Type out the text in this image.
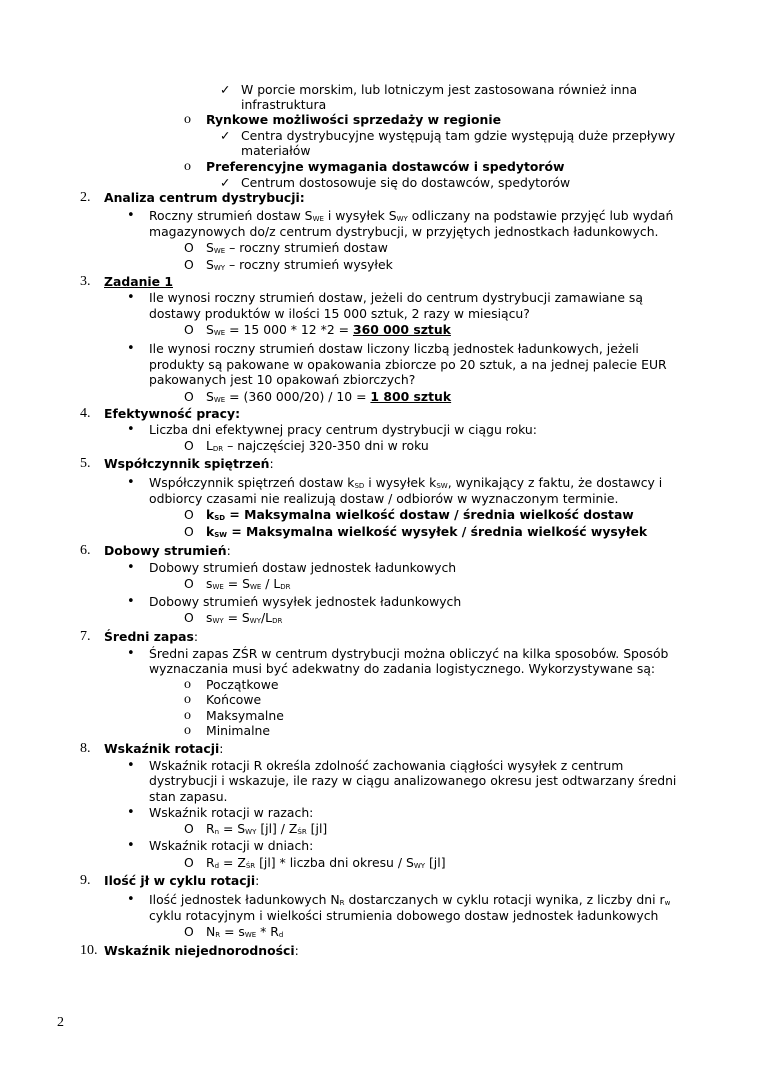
✓ W porcie morskim, lub lotniczym jest zastosowana również inna
infrastruktura
o Rynkowe możliwości sprzedaży w regionie
✓ Centra dystrybucyjne występują tam gdzie występują duże przepływy
materiałów
o Preferencyjne wymagania dostawców i spedytorów
✓ Centrum dostosowuje się do dostawców, spedytorów
2. Analiza centrum dystrybucji:
• Roczny strumień dostaw $S_{WE}$ i wysyłek $S_{WY}$ odliczany na podstawie przyjęć lub wydań
magazynowych do/z centrum dystrybucji, w przyjętych jednostkach ładunkowych.
O $S_{WE}$ – roczny strumień dostaw
O $S_{WY}$ – roczny strumień wysyłek
3. Zadanie 1
• Ile wynosi roczny strumień dostaw, jeżeli do centrum dystrybucji zamawiane są
dostawy produktów w ilości 15 000 sztuk, 2 razy w miesiącu?
O $S_{WE} = 15$ 000 * 12 *2 = 360 000 sztuk
• Ile wynosi roczny strumień dostaw liczony liczbą jednostek ładunkowych, jeżeli
produkty są pakowane w opakowania zbiorcze po 20 sztuk, a na jednej palecie EUR
pakowanych jest 10 opakowań zbiorczych?
O $S_{WE} = (360$ 000/20) / 10 = 1 800 sztuk
4. Efektywność pracy:
• Liczba dni efektywnej pracy centrum dystrybucji w ciągu roku:
O $L_{DR}$ – najczęściej 320-350 dni w roku
5. Współczynnik spiętrzeń:
• Współczynnik spiętrzeń dostaw $k_{SD}$ i wysyłek $k_{SW}$, wynikający z faktu, że dostawcy i
odbiorcy czasami nie realizują dostaw / odbiorów w wyznaczonym terminie.
O $k_{SD}$ = Maksymalna wielkość dostaw / średnia wielkość dostaw
O $k_{SW}$ = Maksymalna wielkość wysyłek / średnia wielkość wysyłek
6. Dobowy strumień:
• Dobowy strumień dostaw jednostek ładunkowych
O $s_{WE} = S_{WE} / L_{DR}$
• Dobowy strumień wysyłek jednostek ładunkowych
O $s_{WY} = S_{WY}/L_{DR}$
7. Średni zapas:
• Średni zapas ZŚR w centrum dystrybucji można obliczyć na kilka sposobów. Sposób
wyznaczania musi być adekwatny do zadania logistycznego. Wykorzystywane są:
o Początkowe
o Końcowe
o Maksymalne
o Minimalne
8. Wskaźnik rotacji:
• Wskaźnik rotacji R określa zdolność zachowania ciągłości wysyłek z centrum
dystrybucji i wskazuje, ile razy w ciągu analizowanego okresu jest odtwarzany średni
stan zapasu.
• Wskaźnik rotacji w razach:
O $R_n = S_{WY}$ $[jl] / Z_{ŚR}$ [jl]
• Wskaźnik rotacji w dniach:
O $R_d = Z_{ŚR}$ [jl] * liczba dni okresu / $S_{WY}$ [jl]
9. Ilość jł w cyklu rotacji:
• Ilość jednostek ładunkowych $N_R$ dostarczanych w cyklu rotacji wynika, z liczby dni $r_w$
cyklu rotacyjnym i wielkości strumienia dobowego dostaw jednostek ładunkowych
O $N_R = s_{WE} * R_d$
10. Wskaźnik niejednorodności:
2
